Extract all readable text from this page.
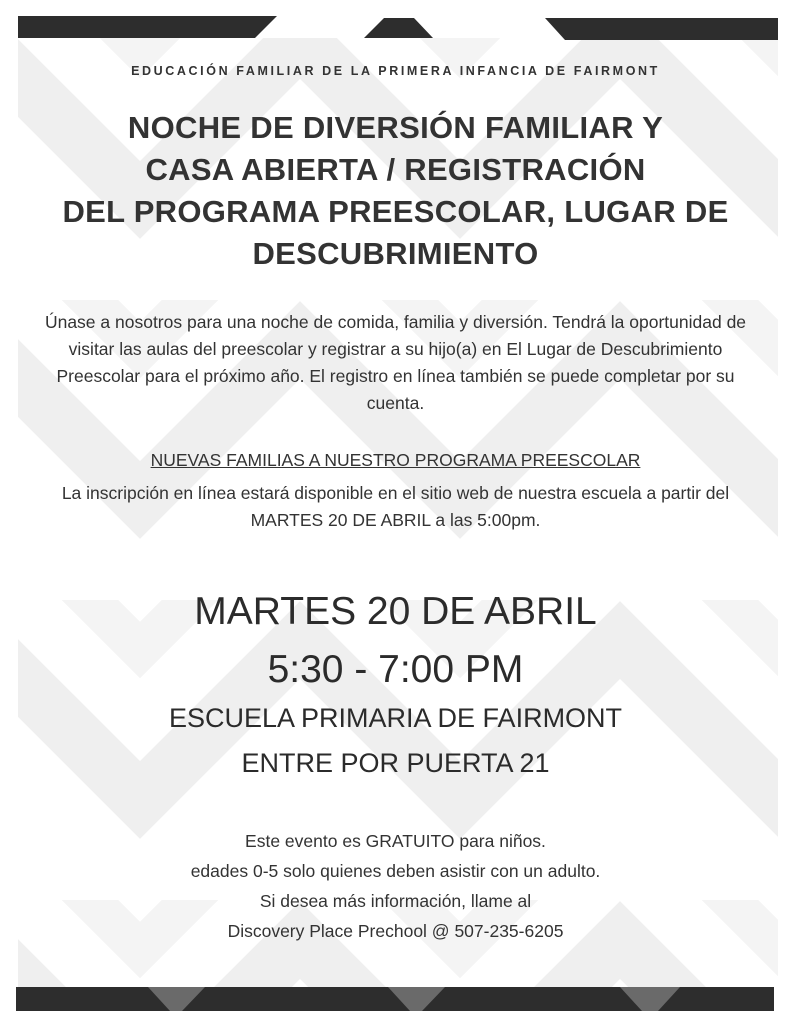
EDUCACIÓN FAMILIAR DE LA PRIMERA INFANCIA DE FAIRMONT

NOCHE DE DIVERSIÓN FAMILIAR Y
CASA ABIERTA / REGISTRACIÓN
DEL PROGRAMA PREESCOLAR, LUGAR DE
DESCUBRIMIENTO

Únase a nosotros para una noche de comida, familia y diversión. Tendrá la oportunidad de visitar las aulas del preescolar y registrar a su hijo(a) en El Lugar de Descubrimiento Preescolar para el próximo año. El registro en línea también se puede completar por su cuenta.

NUEVAS FAMILIAS A NUESTRO PROGRAMA PREESCOLAR

La inscripción en línea estará disponible en el sitio web de nuestra escuela a partir del MARTES 20 DE ABRIL a las 5:00pm.

MARTES 20 DE ABRIL

5:30 - 7:00 PM

ESCUELA PRIMARIA DE FAIRMONT

ENTRE POR PUERTA 21

Este evento es GRATUITO para niños.
edades 0-5 solo quienes deben asistir con un adulto.
Si desea más información, llame al
Discovery Place Prechool @ 507-235-6205
